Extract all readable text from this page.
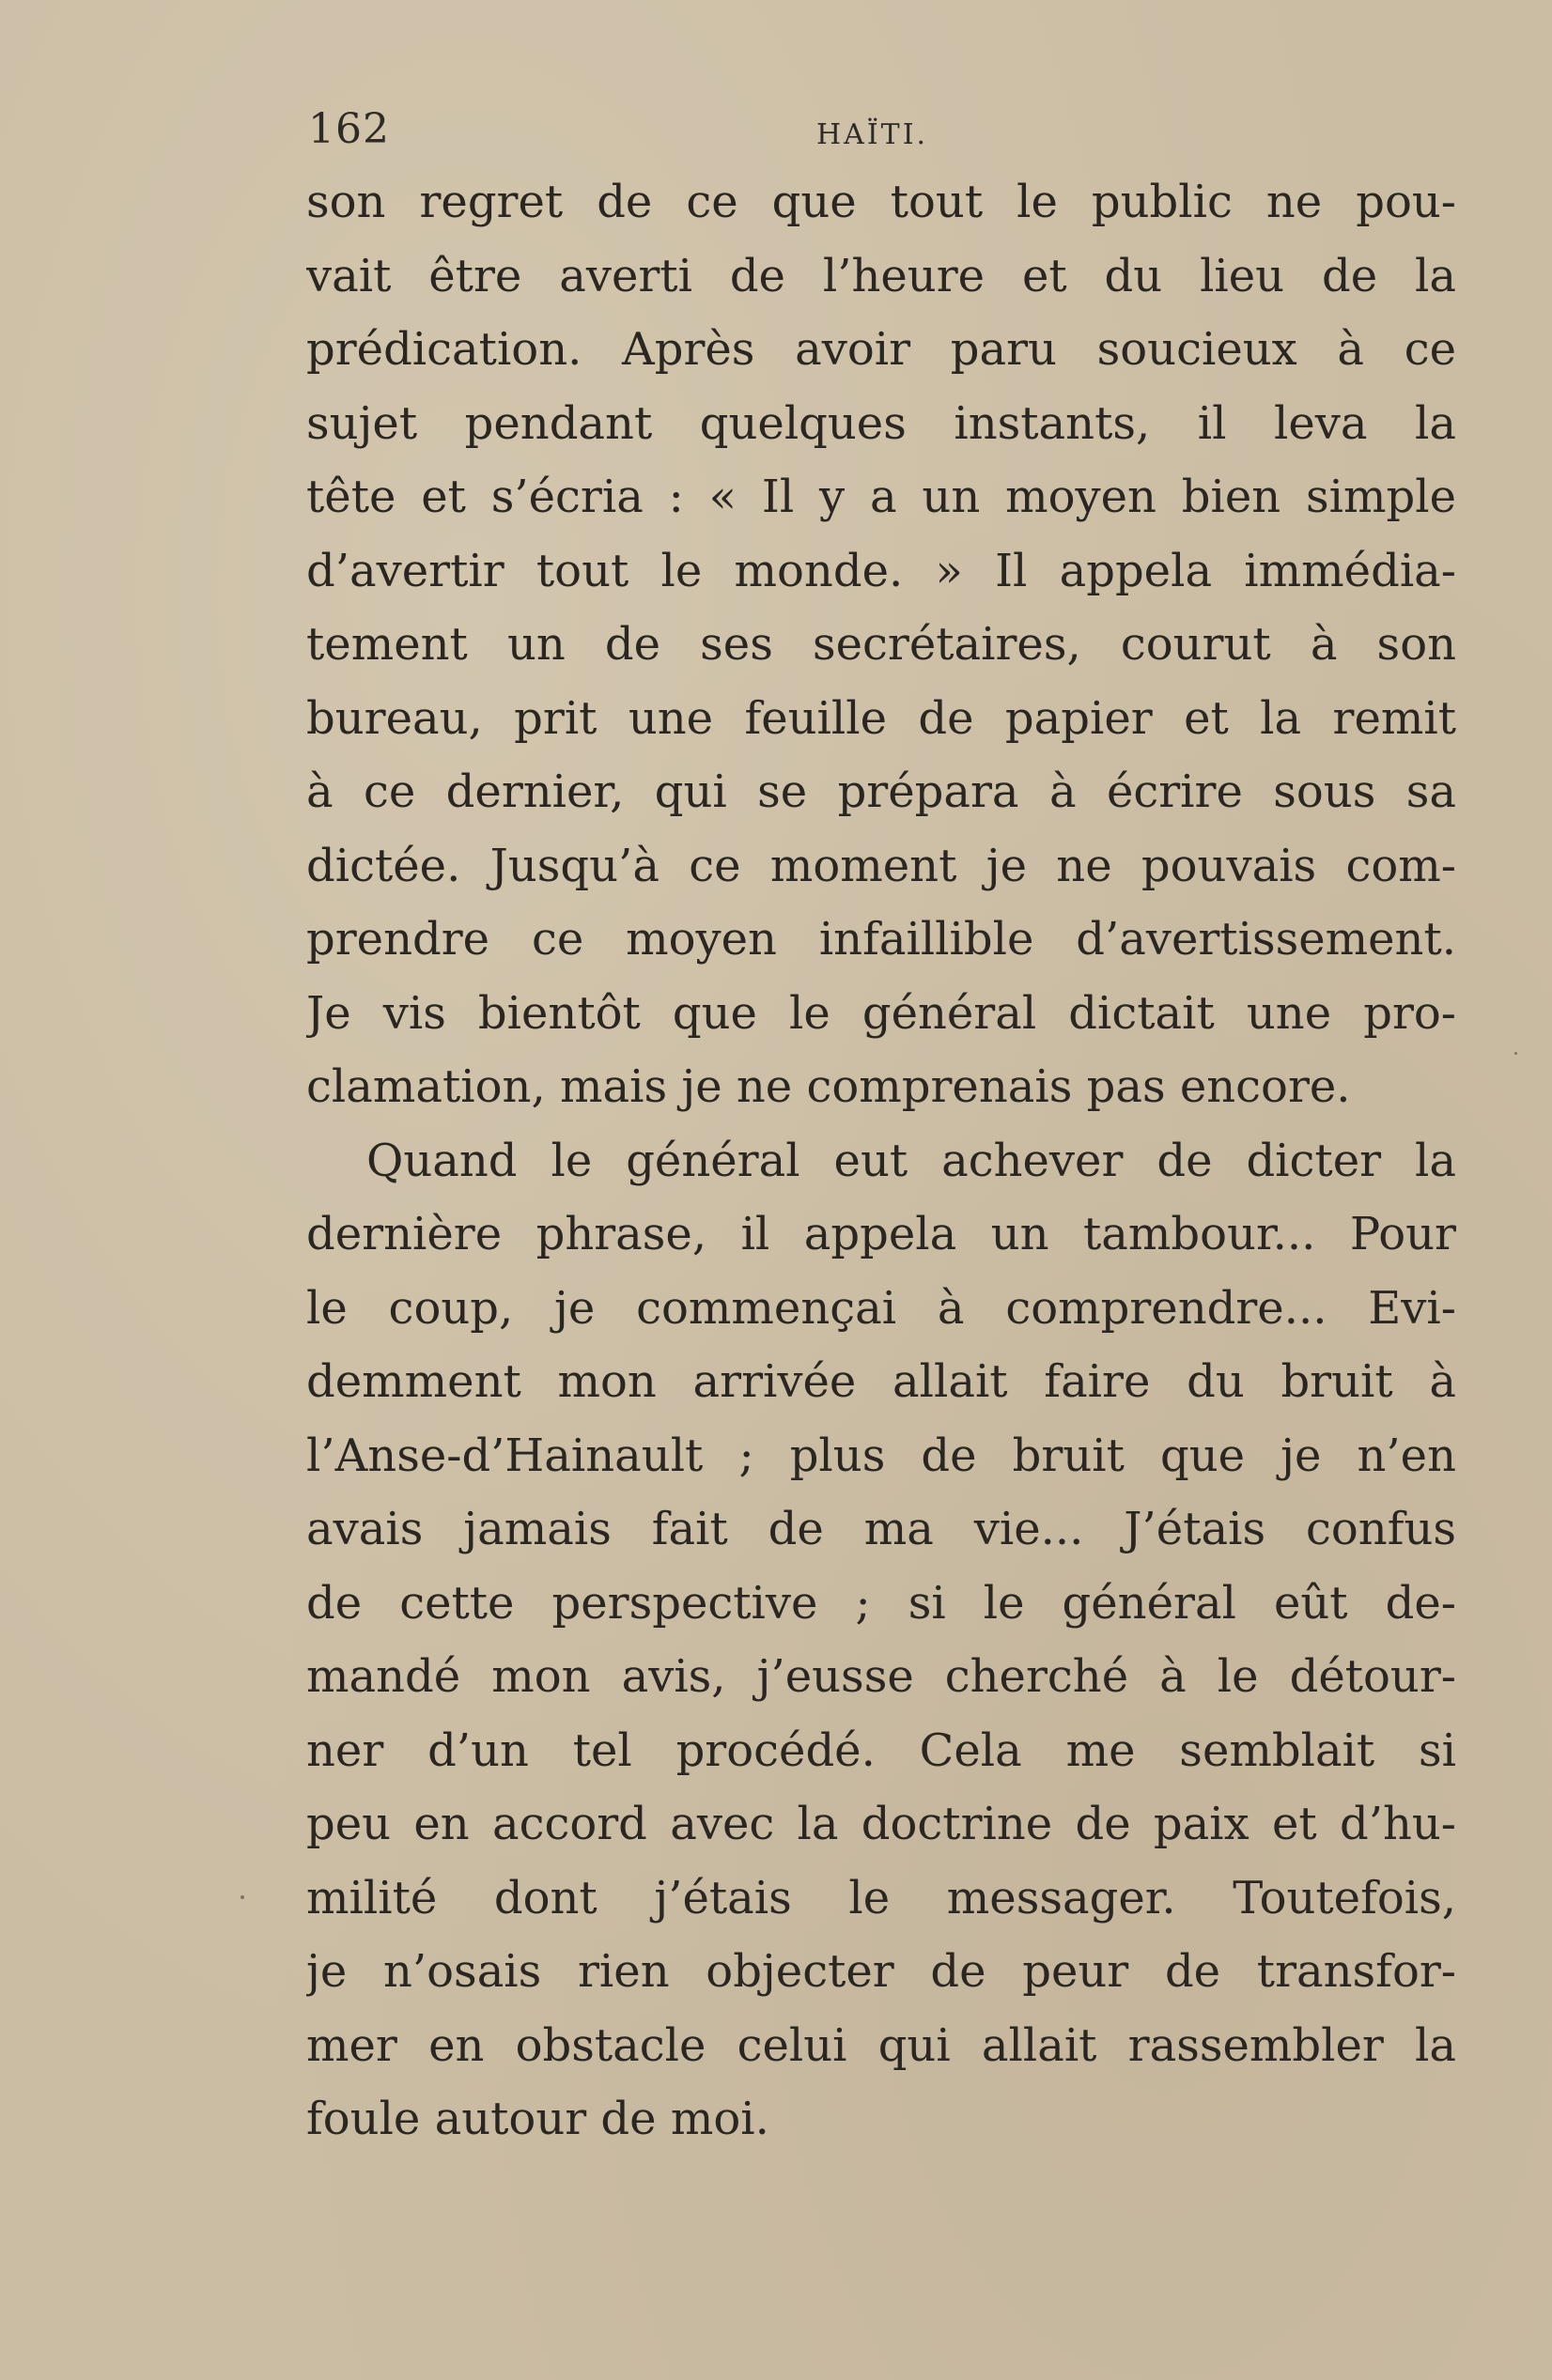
162	HAÏTI.
son regret de ce que tout le public ne pou-
vait être averti de l’heure et du lieu de la
prédication. Après avoir paru soucieux à ce
sujet pendant quelques instants, il leva la
tête et s’écria : « Il y a un moyen bien simple
d’avertir tout le monde. » Il appela immédia-
tement un de ses secrétaires, courut à son
bureau, prit une feuille de papier et la remit
à ce dernier, qui se prépara à écrire sous sa
dictée. Jusqu’à ce moment je ne pouvais com-
prendre ce moyen infaillible d’avertissement.
Je vis bientôt que le général dictait une pro-
clamation, mais je ne comprenais pas encore.
Quand le général eut achever de dicter la
dernière phrase, il appela un tambour... Pour
le coup, je commençai à comprendre... Evi-
demment mon arrivée allait faire du bruit à
l’Anse-d’Hainault ; plus de bruit que je n’en
avais jamais fait de ma vie... J’étais confus
de cette perspective ; si le général eût de-
mandé mon avis, j’eusse cherché à le détour-
ner d’un tel procédé. Cela me semblait si
peu en accord avec la doctrine de paix et d’hu-
milité dont j’étais le messager. Toutefois,
je n’osais rien objecter de peur de transfor-
mer en obstacle celui qui allait rassembler la
foule autour de moi.
